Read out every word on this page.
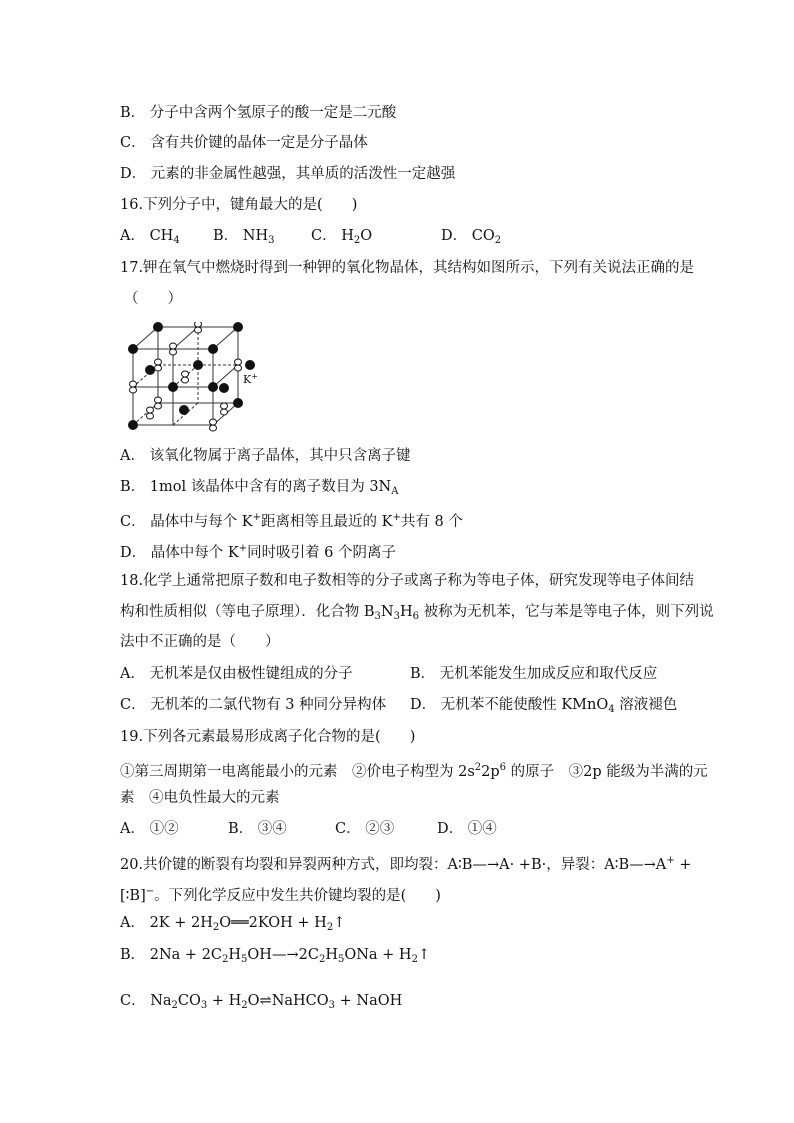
B． 分子中含两个氢原子的酸一定是二元酸
C． 含有共价键的晶体一定是分子晶体
D． 元素的非金属性越强，其单质的活泼性一定越强
16.下列分子中，键角最大的是(　　)
A． $CH_4$ B． $NH_3$	C． $H_2O$	D． $CO_2$
17.钾在氧气中燃烧时得到一种钾的氧化物晶体，其结构如图所示，下列有关说法正确的是
（　　）
K+
A． 该氧化物属于离子晶体，其中只含离子键
B． 1mol 该晶体中含有的离子数目为 $3N_A$
C． 晶体中与每个 K+距离相等且最近的 K+共有 8 个
D． 晶体中每个 K+同时吸引着 6 个阴离子
18.化学上通常把原子数和电子数相等的分子或离子称为等电子体，研究发现等电子体间结
构和性质相似（等电子原理）．化合物 $B_3N_3H_6$ 被称为无机苯，它与苯是等电子体，则下列说
法中不正确的是（　　）
A． 无机苯是仅由极性键组成的分子	B． 无机苯能发生加成反应和取代反应
C． 无机苯的二氯代物有 3 种同分异构体 D． 无机苯不能使酸性 KMnO$_4$ 溶液褪色
19.下列各元素最易形成离子化合物的是(　　)
①第三周期第一电离能最小的元素　②价电子构型为 $2s^22p^6$ 的原子　③2p 能级为半满的元
素　④电负性最大的元素
A． ①②	B． ③④	C． ②③	D． ①④
20.共价键的断裂有均裂和异裂两种方式，即均裂：A∶B—→A· +B·，异裂：A∶B—→A+ +
[∶B]−。下列化学反应中发生共价键均裂的是(　　)
A． $2K + 2H_2O══2KOH$ + $H_2↑$
B． $2Na + 2C_2H_5OH—\to 2C_2H_5ONa$ + $H_2↑$
C． $Na_2CO_3$ + $H_2O\rightleftharpoons NaHCO_3$ + NaOH
